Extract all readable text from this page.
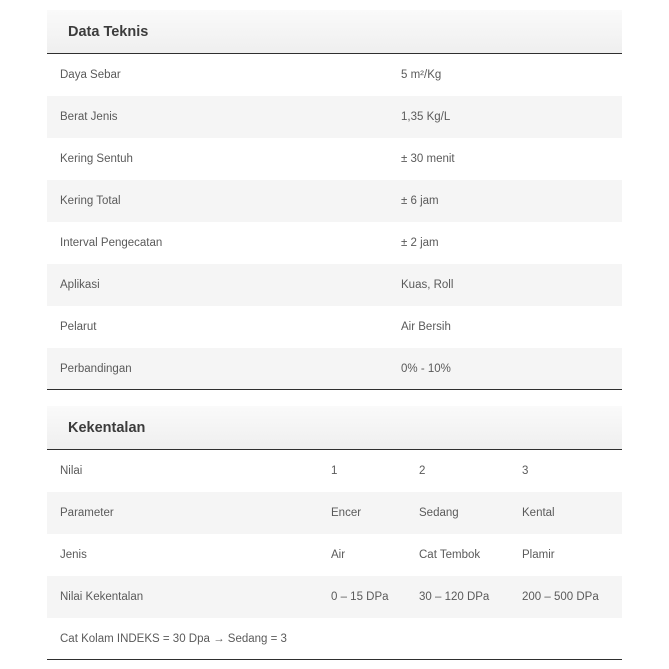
Data Teknis
Daya Sebar	5 m²/Kg
Berat Jenis	1,35 Kg/L
Kering Sentuh	± 30 menit
Kering Total	± 6 jam
Interval Pengecatan	± 2 jam
Aplikasi	Kuas, Roll
Pelarut	Air Bersih
Perbandingan	0% - 10%
Kekentalan
Nilai	1	2	3
Parameter	Encer	Sedang	Kental
Jenis	Air	Cat Tembok	Plamir
Nilai Kekentalan	0 – 15 DPa	30 – 120 DPa	200 – 500 DPa
Cat Kolam INDEKS = 30 Dpa → Sedang = 3
